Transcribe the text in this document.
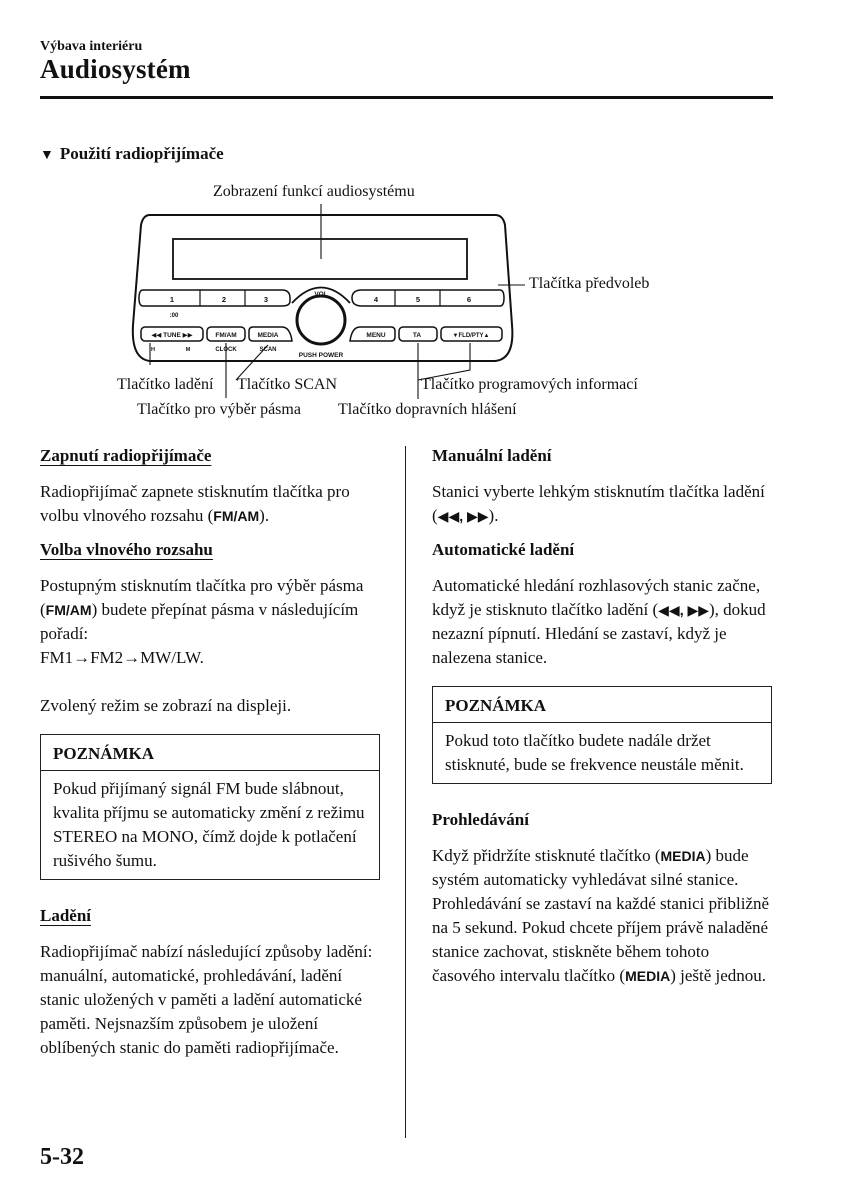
Výbava interiéru
Audiosystém
▼ Použití radiopřijímače
1	2	3	4	5	6
:00
VOL
◀◀ TUNE ▶▶	FM/AM	MEDIA
H	M	CLOCK	SCAN
PUSH POWER
MENU	TA	▼FLD/PTY▲
Zobrazení funkcí audiosystému
Tlačítka předvoleb
Tlačítko ladění Tlačítko SCAN
Tlačítko pro výběr pásma Tlačítko dopravních hlášení
Tlačítko programových informací

Zapnutí radiopřijímače

Radiopřijímač zapnete stisknutím tlačítka pro volbu vlnového rozsahu (FM/AM).

Volba vlnového rozsahu

Postupným stisknutím tlačítka pro výběr pásma (FM/AM) budete přepínat pásma v následujícím pořadí:
FM1→FM2→MW/LW.

Zvolený režim se zobrazí na displeji.

POZNÁMKA
Pokud přijímaný signál FM bude slábnout, kvalita příjmu se automaticky změní z režimu STEREO na MONO, čímž dojde k potlačení rušivého šumu.

Ladění

Radiopřijímač nabízí následující způsoby ladění: manuální, automatické, prohledávání, ladění stanic uložených v paměti a ladění automatické paměti. Nejsnazším způsobem je uložení oblíbených stanic do paměti radiopřijímače.

Manuální ladění

Stanici vyberte lehkým stisknutím tlačítka ladění (◀◀, ▶▶).

Automatické ladění

Automatické hledání rozhlasových stanic začne, když je stisknuto tlačítko ladění (◀◀, ▶▶), dokud nezazní pípnutí. Hledání se zastaví, když je nalezena stanice.

POZNÁMKA
Pokud toto tlačítko budete nadále držet stisknuté, bude se frekvence neustále měnit.

Prohledávání

Když přidržíte stisknuté tlačítko (MEDIA) bude systém automaticky vyhledávat silné stanice. Prohledávání se zastaví na každé stanici přibližně na 5 sekund. Pokud chcete příjem právě naladěné stanice zachovat, stiskněte během tohoto časového intervalu tlačítko (MEDIA) ještě jednou.

5-32
